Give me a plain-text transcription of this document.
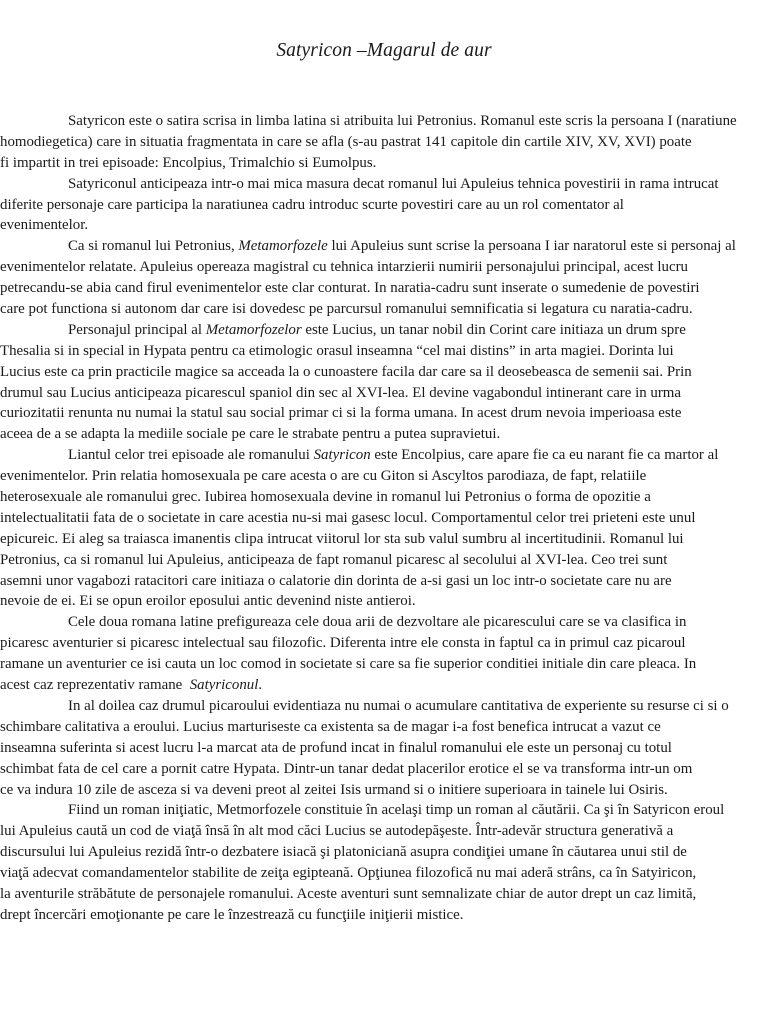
Satyricon –Magarul de aur
Satyricon este o satira scrisa in limba latina si atribuita lui Petronius. Romanul este scris la persoana I (naratiune
homodiegetica) care in situatia fragmentata in care se afla (s-au pastrat 141 capitole din cartile XIV, XV, XVI) poate
fi impartit in trei episoade: Encolpius, Trimalchio si Eumolpus.
Satyriconul anticipeaza intr-o mai mica masura decat romanul lui Apuleius tehnica povestirii in rama intrucat
diferite personaje care participa la naratiunea cadru introduc scurte povestiri care au un rol comentator al
evenimentelor.
Ca si romanul lui Petronius, Metamorfozele lui Apuleius sunt scrise la persoana I iar naratorul este si personaj al
evenimentelor relatate. Apuleius opereaza magistral cu tehnica intarzierii numirii personajului principal, acest lucru
petrecandu-se abia cand firul evenimentelor este clar conturat. In naratia-cadru sunt inserate o sumedenie de povestiri
care pot functiona si autonom dar care isi dovedesc pe parcursul romanului semnificatia si legatura cu naratia-cadru.
Personajul principal al Metamorfozelor este Lucius, un tanar nobil din Corint care initiaza un drum spre
Thesalia si in special in Hypata pentru ca etimologic orasul inseamna “cel mai distins” in arta magiei. Dorinta lui
Lucius este ca prin practicile magice sa acceada la o cunoastere facila dar care sa il deosebeasca de semenii sai. Prin
drumul sau Lucius anticipeaza picarescul spaniol din sec al XVI-lea. El devine vagabondul intinerant care in urma
curiozitatii renunta nu numai la statul sau social primar ci si la forma umana. In acest drum nevoia imperioasa este
aceea de a se adapta la mediile sociale pe care le strabate pentru a putea supravietui.
Liantul celor trei episoade ale romanului Satyricon este Encolpius, care apare fie ca eu narant fie ca martor al
evenimentelor. Prin relatia homosexuala pe care acesta o are cu Giton si Ascyltos parodiaza, de fapt, relatiile
heterosexuale ale romanului grec. Iubirea homosexuala devine in romanul lui Petronius o forma de opozitie a
intelectualitatii fata de o societate in care acestia nu-si mai gasesc locul. Comportamentul celor trei prieteni este unul
epicureic. Ei aleg sa traiasca imanentis clipa intrucat viitorul lor sta sub valul sumbru al incertitudinii. Romanul lui
Petronius, ca si romanul lui Apuleius, anticipeaza de fapt romanul picaresc al secolului al XVI-lea. Ceo trei sunt
asemni unor vagabozi ratacitori care initiaza o calatorie din dorinta de a-si gasi un loc intr-o societate care nu are
nevoie de ei. Ei se opun eroilor eposului antic devenind niste antieroi.
Cele doua romana latine prefigureaza cele doua arii de dezvoltare ale picarescului care se va clasifica in
picaresc aventurier si picaresc intelectual sau filozofic. Diferenta intre ele consta in faptul ca in primul caz picaroul
ramane un aventurier ce isi cauta un loc comod in societate si care sa fie superior conditiei initiale din care pleaca. In
acest caz reprezentativ ramane  Satyriconul.
In al doilea caz drumul picaroului evidentiaza nu numai o acumulare cantitativa de experiente su resurse ci si o
schimbare calitativa a eroului. Lucius marturiseste ca existenta sa de magar i-a fost benefica intrucat a vazut ce
inseamna suferinta si acest lucru l-a marcat ata de profund incat in finalul romanului ele este un personaj cu totul
schimbat fata de cel care a pornit catre Hypata. Dintr-un tanar dedat placerilor erotice el se va transforma intr-un om
ce va indura 10 zile de asceza si va deveni preot al zeitei Isis urmand si o initiere superioara in tainele lui Osiris.
Fiind un roman iniţiatic, Metmorfozele constituie în acelaşi timp un roman al căutării. Ca şi în Satyricon eroul
lui Apuleius caută un cod de viaţă însă în alt mod căci Lucius se autodepăşeste. Într-adevăr structura generativă a
discursului lui Apuleius rezidă într-o dezbatere isiacă şi platoniciană asupra condiţiei umane în căutarea unui stil de
viaţă adecvat comandamentelor stabilite de zeiţa egipteană. Opţiunea filozofică nu mai aderă strâns, ca în Satyiricon,
la aventurile străbătute de personajele romanului. Aceste aventuri sunt semnalizate chiar de autor drept un caz limită,
drept încercări emoţionante pe care le înzestrează cu funcţiile iniţierii mistice.
